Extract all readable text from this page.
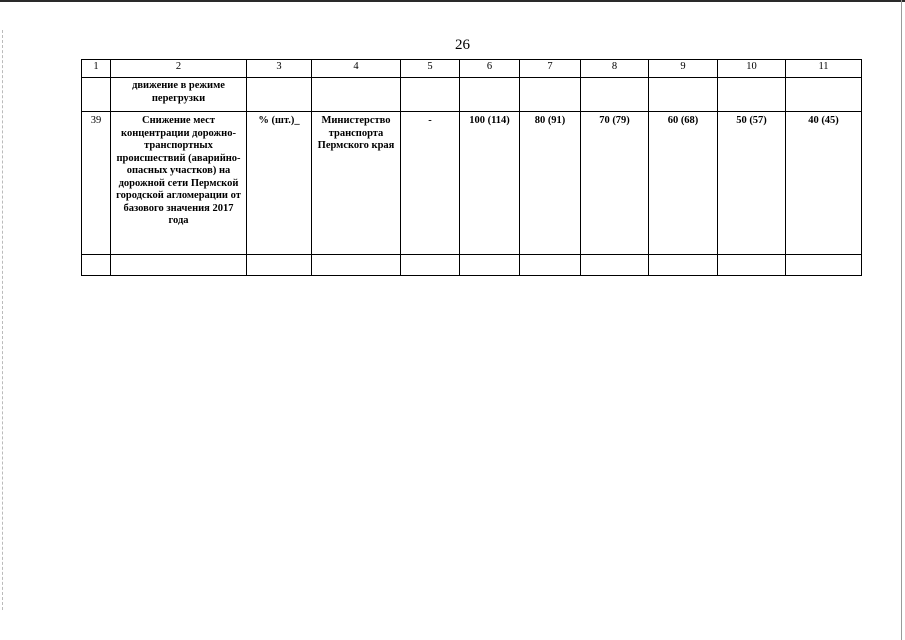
26
1	2	3	4	5	6	7	8	9	10	11
	движение в режиме перегрузки									
39	Снижение мест концентрации дорожно-транспортных происшествий (аварийно-опасных участков) на дорожной сети Пермской городской агломерации от базового значения 2017 года	% (шт.)_	Министерство транспорта Пермского края	-	100 (114)	80 (91)	70 (79)	60 (68)	50 (57)	40 (45)
